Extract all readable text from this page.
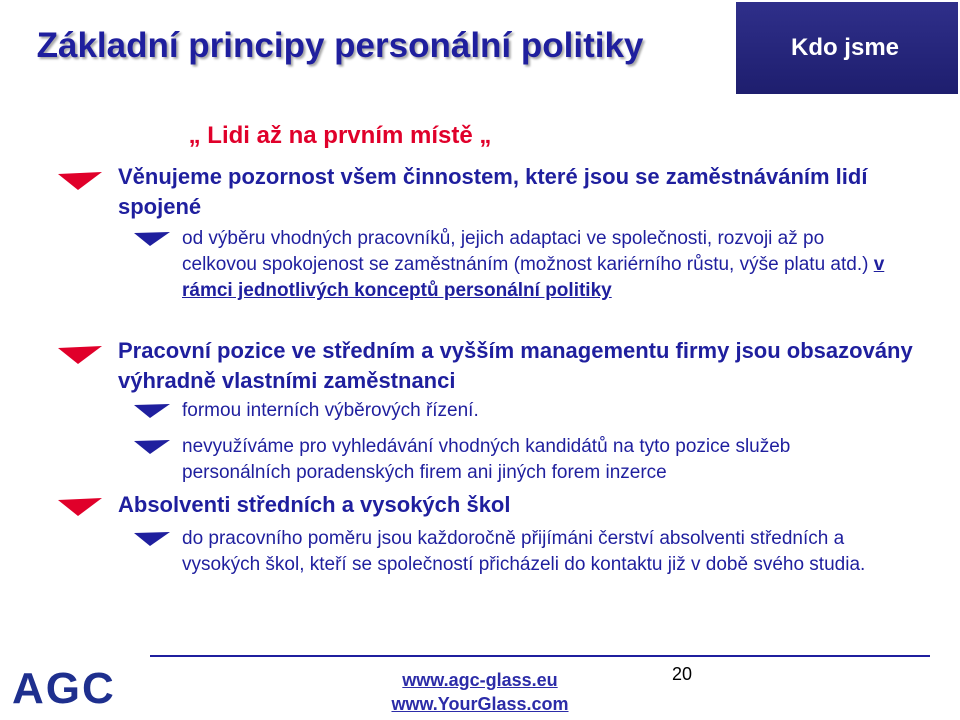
Základní principy personální politiky	Kdo jsme
„ Lidi až na prvním místě „
Věnujeme pozornost všem činnostem, které jsou se zaměstnáváním lidí spojené
od výběru vhodných pracovníků, jejich adaptaci ve společnosti, rozvoji až po celkovou spokojenost se zaměstnáním (možnost kariérního růstu, výše platu atd.) v rámci jednotlivých konceptů personální politiky
Pracovní pozice ve středním a vyšším managementu firmy jsou obsazovány výhradně vlastními zaměstnanci
formou interních výběrových řízení.
nevyužíváme pro vyhledávání vhodných kandidátů na tyto pozice služeb personálních poradenských firem ani jiných forem inzerce
Absolventi středních a vysokých škol
do pracovního poměru jsou každoročně přijímáni čerství absolventi středních a vysokých škol, kteří se společností přicházeli do kontaktu již v době svého studia.
AGC	www.agc-glass.eu
www.YourGlass.com
20
